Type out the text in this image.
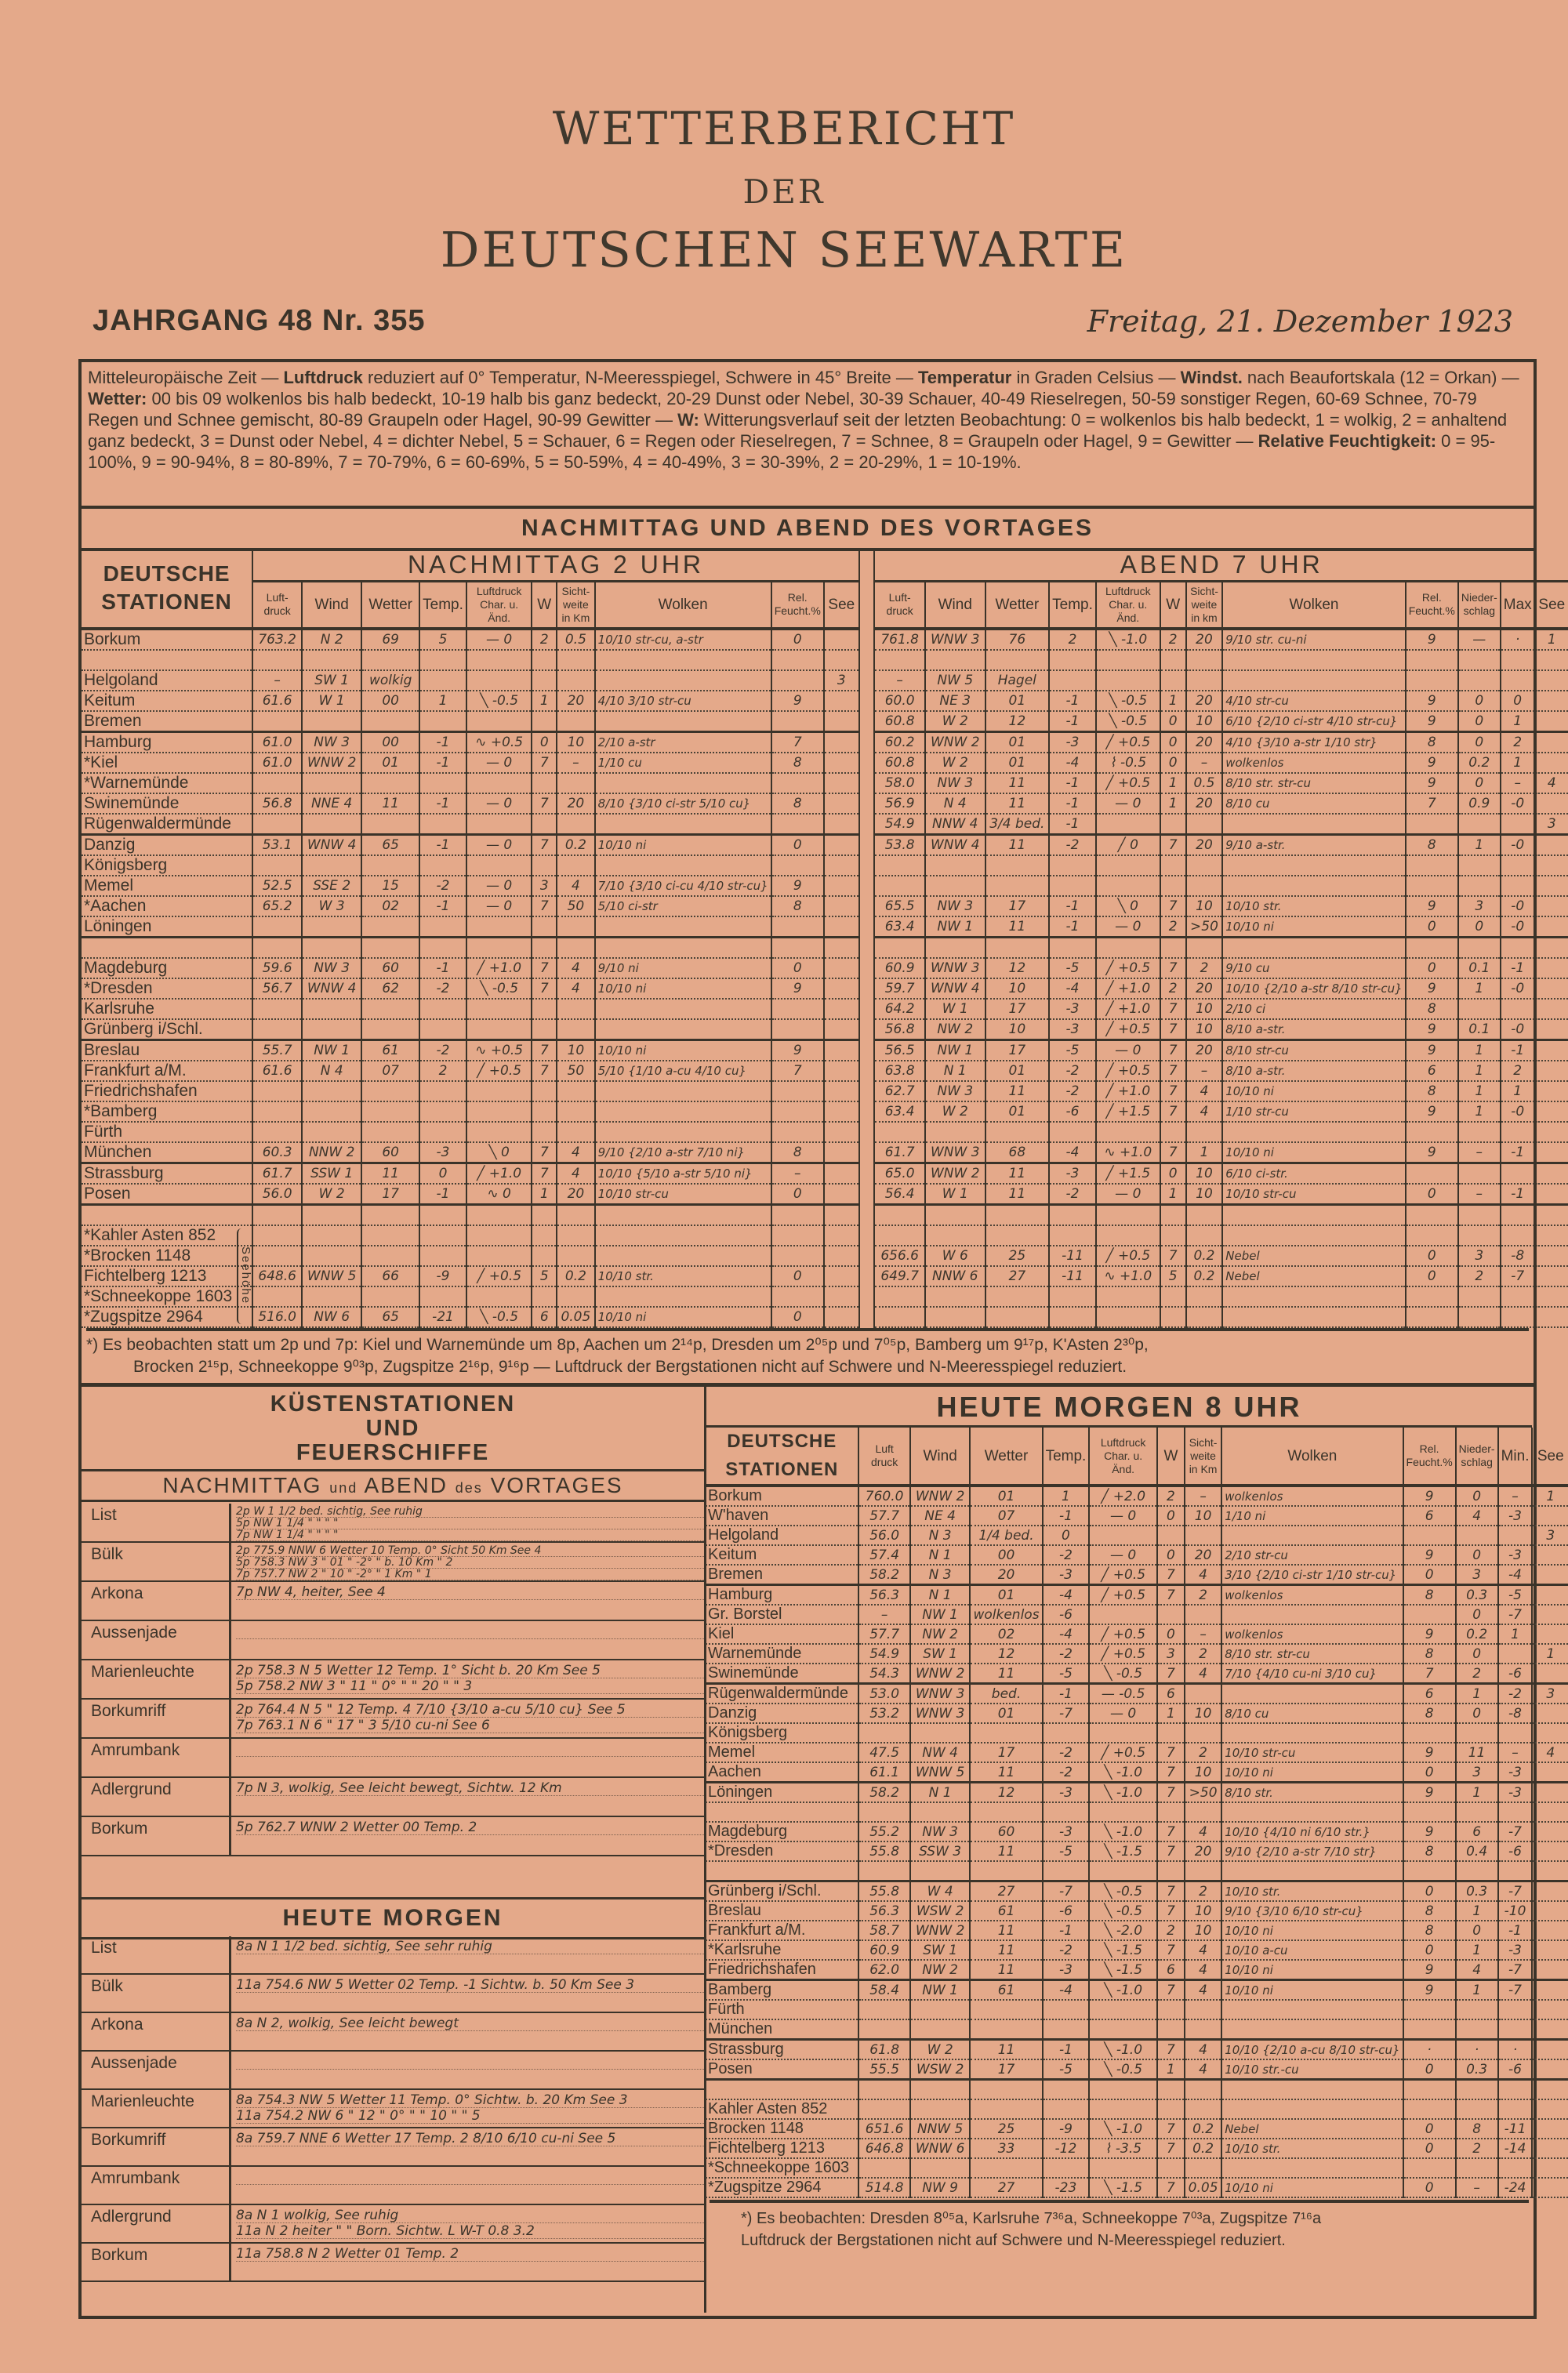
WETTERBERICHT
DER
DEUTSCHEN SEEWARTE
JAHRGANG 48 Nr. 355	Freitag, 21. Dezember 1923
Mitteleuropäische Zeit — Luftdruck reduziert auf 0° Temperatur, N-Meeresspiegel, Schwere in 45° Breite — Temperatur in Graden Celsius — Windst. nach Beaufortskala (12 = Orkan) — Wetter: 00 bis 09 wolkenlos bis halb bedeckt, 10-19 halb bis ganz bedeckt, 20-29 Dunst oder Nebel, 30-39 Schauer, 40-49 Rieselregen, 50-59 sonstiger Regen, 60-69 Schnee, 70-79 Regen und Schnee gemischt, 80-89 Graupeln oder Hagel, 90-99 Gewitter — W: Witterungsverlauf seit der letzten Beobachtung: 0 = wolkenlos bis halb bedeckt, 1 = wolkig, 2 = anhaltend ganz bedeckt, 3 = Dunst oder Nebel, 4 = dichter Nebel, 5 = Schauer, 6 = Regen oder Rieselregen, 7 = Schnee, 8 = Graupeln oder Hagel, 9 = Gewitter — Relative Feuchtigkeit: 0 = 95-100%, 9 = 90-94%, 8 = 80-89%, 7 = 70-79%, 6 = 60-69%, 5 = 50-59%, 4 = 40-49%, 3 = 30-39%, 2 = 20-29%, 1 = 10-19%.
NACHMITTAG UND ABEND DES VORTAGES
DEUTSCHE STATIONEN	NACHMITTAG 2 UHR											ABEND 7 UHR											
	Luft-druck	Wind	Wetter	Temp.	Luftdruck Char. u. Änd.	W	Sicht-weite in Km	Wolken	Rel. Feucht.%	See		Luft-druck	Wind	Wetter	Temp.	Luftdruck Char. u. Änd.	W	Sicht-weite in km	Wolken	Rel. Feucht.%	Nieder-schlag	Max	See
Borkum	763.2	N 2	69	5	— 0	2	0.5	10/10 str-cu, a-str	0			761.8	WNW 3	76	2	╲ -1.0	2	20	9/10 str. cu-ni	9	—	·	1

Helgoland	–	SW 1	wolkig							3		–	NW 5	Hagel									
Keitum	61.6	W 1	00	1	╲ -0.5	1	20	4/10 3/10 str-cu	9			60.0	NE 3	01	-1	╲ -0.5	1	20	4/10 str-cu	9	0	0	
Bremen												60.8	W 2	12	-1	╲ -0.5	0	10	6/10 {2/10 ci-str 4/10 str-cu}	9	0	1	
Hamburg	61.0	NW 3	00	-1	∿ +0.5	0	10	2/10 a-str	7			60.2	WNW 2	01	-3	╱ +0.5	0	20	4/10 {3/10 a-str 1/10 str}	8	0	2	
*Kiel	61.0	WNW 2	01	-1	— 0	7	–	1/10 cu	8			60.8	W 2	01	-4	⌇ -0.5	0	–	wolkenlos	9	0.2	1	
*Warnemünde												58.0	NW 3	11	-1	╱ +0.5	1	0.5	8/10 str. str-cu	9	0	–	4
Swinemünde	56.8	NNE 4	11	-1	— 0	7	20	8/10 {3/10 ci-str 5/10 cu}	8			56.9	N 4	11	-1	— 0	1	20	8/10 cu	7	0.9	-0	
Rügenwaldermünde												54.9	NNW 4	3/4 bed.	-1								3
Danzig	53.1	WNW 4	65	-1	— 0	7	0.2	10/10 ni	0			53.8	WNW 4	11	-2	╱ 0	7	20	9/10 a-str.	8	1	-0	
Königsberg																							
Memel	52.5	SSE 2	15	-2	— 0	3	4	7/10 {3/10 ci-cu 4/10 str-cu}	9														
*Aachen	65.2	W 3	02	-1	— 0	7	50	5/10 ci-str	8			65.5	NW 3	17	-1	╲ 0	7	10	10/10 str.	9	3	-0	
Löningen												63.4	NW 1	11	-1	— 0	2	>50	10/10 ni	0	0	-0	

Magdeburg	59.6	NW 3	60	-1	╱ +1.0	7	4	9/10 ni	0			60.9	WNW 3	12	-5	╱ +0.5	7	2	9/10 cu	0	0.1	-1	
*Dresden	56.7	WNW 4	62	-2	╲ -0.5	7	4	10/10 ni	9			59.7	WNW 4	10	-4	╱ +1.0	2	20	10/10 {2/10 a-str 8/10 str-cu}	9	1	-0	
Karlsruhe												64.2	W 1	17	-3	╱ +1.0	7	10	2/10 ci	8			
Grünberg i/Schl.												56.8	NW 2	10	-3	╱ +0.5	7	10	8/10 a-str.	9	0.1	-0	
Breslau	55.7	NW 1	61	-2	∿ +0.5	7	10	10/10 ni	9			56.5	NW 1	17	-5	— 0	7	20	8/10 str-cu	9	1	-1	
Frankfurt a/M.	61.6	N 4	07	2	╱ +0.5	7	50	5/10 {1/10 a-cu 4/10 cu}	7			63.8	N 1	01	-2	╱ +0.5	7	–	8/10 a-str.	6	1	2	
Friedrichshafen												62.7	NW 3	11	-2	╱ +1.0	7	4	10/10 ni	8	1	1	
*Bamberg												63.4	W 2	01	-6	╱ +1.5	7	4	1/10 str-cu	9	1	-0	
Fürth																							
München	60.3	NNW 2	60	-3	╲ 0	7	4	9/10 {2/10 a-str 7/10 ni}	8			61.7	WNW 3	68	-4	∿ +1.0	7	1	10/10 ni	9	–	-1	
Strassburg	61.7	SSW 1	11	0	╱ +1.0	7	4	10/10 {5/10 a-str 5/10 ni}	–			65.0	WNW 2	11	-3	╱ +1.5	0	10	6/10 ci-str.				
Posen	56.0	W 2	17	-1	∿ 0	1	20	10/10 str-cu	0			56.4	W 1	11	-2	— 0	1	10	10/10 str-cu	0	–	-1	

*Kahler Asten 852																							
*Brocken 1148												656.6	W 6	25	-11	╱ +0.5	7	0.2	Nebel	0	3	-8	
Fichtelberg 1213	648.6	WNW 5	66	-9	╱ +0.5	5	0.2	10/10 str.	0			649.7	NNW 6	27	-11	∿ +1.0	5	0.2	Nebel	0	2	-7	
*Schneekoppe 1603																							
*Zugspitze 2964	516.0	NW 6	65	-21	╲ -0.5	6	0.05	10/10 ni	0														
Seehöhe
*) Es beobachten statt um 2p und 7p: Kiel und Warnemünde um 8p, Aachen um 2¹⁴p, Dresden um 2⁰⁵p und 7⁰⁵p, Bamberg um 9¹⁷p, K'Asten 2³⁰p,
Brocken 2¹⁵p, Schneekoppe 9⁰³p, Zugspitze 2¹⁶p, 9¹⁶p — Luftdruck der Bergstationen nicht auf Schwere und N-Meeresspiegel reduziert.
KÜSTENSTATIONEN
UND
FEUERSCHIFFE
NACHMITTAG und ABEND des VORTAGES
List	2p W 1 1/2 bed. sichtig, See ruhig
5p NW 1 1/4 " " " "
7p NW 1 1/4 " " " "
Bülk	2p 775.9 NNW 6 Wetter 10 Temp. 0° Sicht 50 Km See 4
5p 758.3 NW 3 " 01 " -2° " b. 10 Km " 2
7p 757.7 NW 2 " 10 " -2° " 1 Km " 1
Arkona	7p NW 4, heiter, See 4
Aussenjade
Marienleuchte	2p 758.3 N 5 Wetter 12 Temp. 1° Sicht b. 20 Km See 5
5p 758.2 NW 3 " 11 " 0° " " 20 " " 3
Borkumriff	2p 764.4 N 5 " 12 Temp. 4 7/10 {3/10 a-cu 5/10 cu} See 5
7p 763.1 N 6 " 17 " 3 5/10 cu-ni See 6
Amrumbank
Adlergrund	7p N 3, wolkig, See leicht bewegt, Sichtw. 12 Km
Borkum	5p 762.7 WNW 2 Wetter 00 Temp. 2
HEUTE MORGEN
List	8a N 1 1/2 bed. sichtig, See sehr ruhig
Bülk	11a 754.6 NW 5 Wetter 02 Temp. -1 Sichtw. b. 50 Km See 3
Arkona	8a N 2, wolkig, See leicht bewegt
Aussenjade
Marienleuchte	8a 754.3 NW 5 Wetter 11 Temp. 0° Sichtw. b. 20 Km See 3
11a 754.2 NW 6 " 12 " 0° " " 10 " " 5
Borkumriff	8a 759.7 NNE 6 Wetter 17 Temp. 2 8/10 6/10 cu-ni See 5
Amrumbank
Adlergrund	8a N 1 wolkig, See ruhig
11a N 2 heiter " " Born. Sichtw. L W-T 0.8 3.2
Borkum	11a 758.8 N 2 Wetter 01 Temp. 2
HEUTE MORGEN 8 UHR
DEUTSCHE STATIONEN	Luft druck	Wind	Wetter	Temp.	Luftdruck Char. u. Änd.	W	Sicht-weite in Km	Wolken	Rel. Feucht.%	Nieder-schlag	Min.	See
Borkum	760.0	WNW 2	01	1	╱ +2.0	2	–	wolkenlos	9	0	–	1
W'haven	57.7	NE 4	07	-1	— 0	0	10	1/10 ni	6	4	-3	
Helgoland	56.0	N 3	1/4 bed.	0								3
Keitum	57.4	N 1	00	-2	— 0	0	20	2/10 str-cu	9	0	-3	
Bremen	58.2	N 3	20	-3	╱ +0.5	7	4	3/10 {2/10 ci-str 1/10 str-cu}	0	3	-4	
Hamburg	56.3	N 1	01	-4	╱ +0.5	7	2	wolkenlos	8	0.3	-5	
Gr. Borstel	–	NW 1	wolkenlos	-6						0	-7	
Kiel	57.7	NW 2	02	-4	╱ +0.5	0	–	wolkenlos	9	0.2	1	
Warnemünde	54.9	SW 1	12	-2	╱ +0.5	3	2	8/10 str. str-cu	8	0		1
Swinemünde	54.3	WNW 2	11	-5	╲ -0.5	7	4	7/10 {4/10 cu-ni 3/10 cu}	7	2	-6	
Rügenwaldermünde	53.0	WNW 3	bed.	-1	— -0.5	6			6	1	-2	3
Danzig	53.2	WNW 3	01	-7	— 0	1	10	8/10 cu	8	0	-8	
Königsberg												
Memel	47.5	NW 4	17	-2	╱ +0.5	7	2	10/10 str-cu	9	11	–	4
Aachen	61.1	WNW 5	11	-2	╲ -1.0	7	10	10/10 ni	0	3	-3	
Löningen	58.2	N 1	12	-3	╲ -1.0	7	>50	8/10 str.	9	1	-3	

Magdeburg	55.2	NW 3	60	-3	╲ -1.0	7	4	10/10 {4/10 ni 6/10 str.}	9	6	-7	
*Dresden	55.8	SSW 3	11	-5	╲ -1.5	7	20	9/10 {2/10 a-str 7/10 str}	8	0.4	-6	

Grünberg i/Schl.	55.8	W 4	27	-7	╲ -0.5	7	2	10/10 str.	0	0.3	-7	
Breslau	56.3	WSW 2	61	-6	╲ -0.5	7	10	9/10 {3/10 6/10 str-cu}	8	1	-10	
Frankfurt a/M.	58.7	WNW 2	11	-1	╲ -2.0	2	10	10/10 ni	8	0	-1	
*Karlsruhe	60.9	SW 1	11	-2	╲ -1.5	7	4	10/10 a-cu	0	1	-3	
Friedrichshafen	62.0	NW 2	11	-3	╲ -1.5	6	4	10/10 ni	9	4	-7	
Bamberg	58.4	NW 1	61	-4	╲ -1.0	7	4	10/10 ni	9	1	-7	
Fürth												
München												
Strassburg	61.8	W 2	11	-1	╲ -1.0	7	4	10/10 {2/10 a-cu 8/10 str-cu}	·	·	·	
Posen	55.5	WSW 2	17	-5	╲ -0.5	1	4	10/10 str.-cu	0	0.3	-6	

Kahler Asten 852												
Brocken 1148	651.6	NNW 5	25	-9	╲ -1.0	7	0.2	Nebel	0	8	-11	
Fichtelberg 1213	646.8	WNW 6	33	-12	⌇ -3.5	7	0.2	10/10 str.	0	2	-14	
*Schneekoppe 1603												
*Zugspitze 2964	514.8	NW 9	27	-23	╲ -1.5	7	0.05	10/10 ni	0	–	-24	
*) Es beobachten: Dresden 8⁰⁵a, Karlsruhe 7³⁶a, Schneekoppe 7⁰³a, Zugspitze 7¹⁶a
Luftdruck der Bergstationen nicht auf Schwere und N-Meeresspiegel reduziert.
